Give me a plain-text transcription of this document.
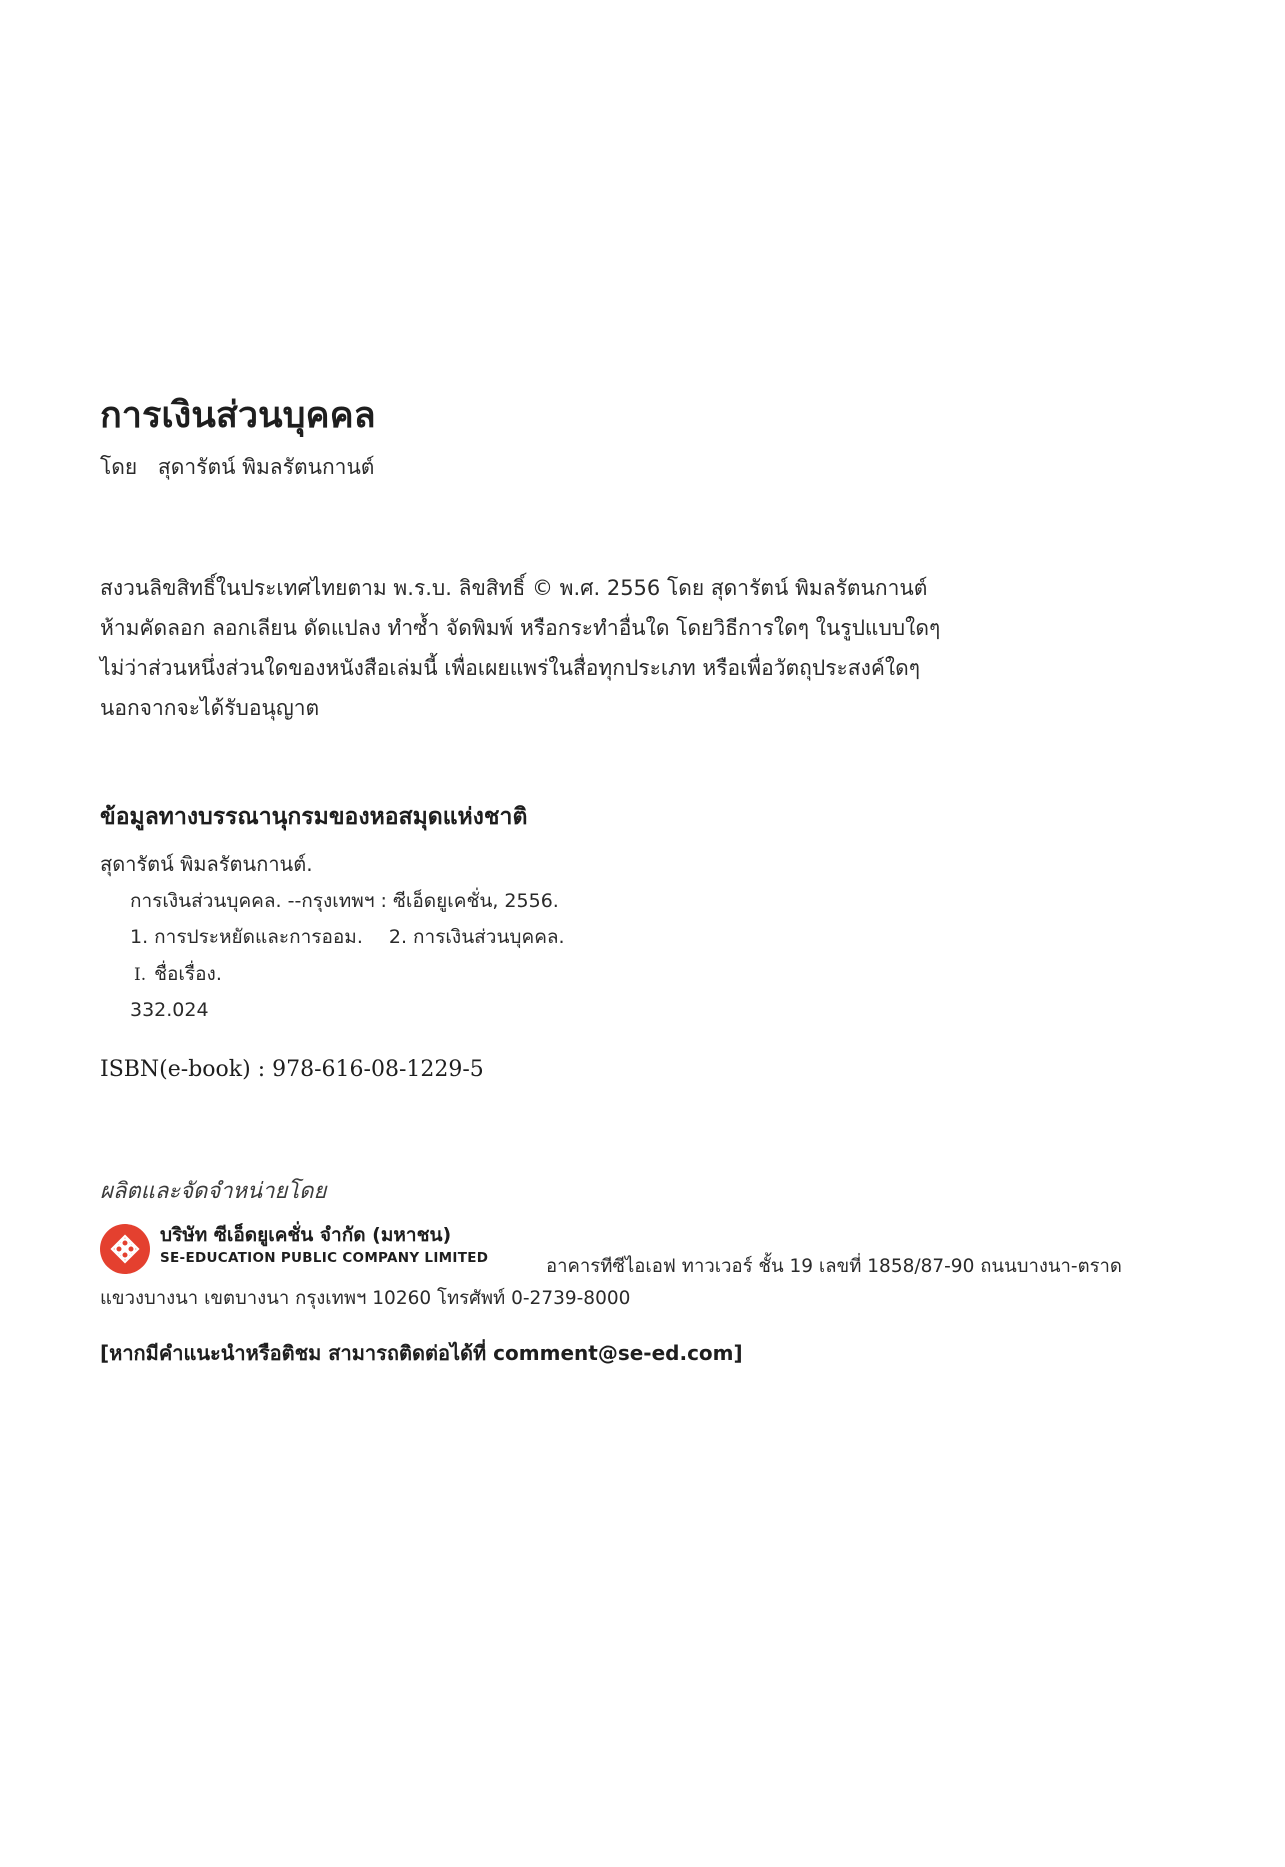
การเงินส่วนบุคคล
โดย สุดารัตน์ พิมลรัตนกานต์
สงวนลิขสิทธิ์ในประเทศไทยตาม พ.ร.บ. ลิขสิทธิ์ © พ.ศ. 2556 โดย สุดารัตน์ พิมลรัตนกานต์
ห้ามคัดลอก ลอกเลียน ดัดแปลง ทำซ้ำ จัดพิมพ์ หรือกระทำอื่นใด โดยวิธีการใดๆ ในรูปแบบใดๆ
ไม่ว่าส่วนหนึ่งส่วนใดของหนังสือเล่มนี้ เพื่อเผยแพร่ในสื่อทุกประเภท หรือเพื่อวัตถุประสงค์ใดๆ
นอกจากจะได้รับอนุญาต
ข้อมูลทางบรรณานุกรมของหอสมุดแห่งชาติ
สุดารัตน์ พิมลรัตนกานต์.
การเงินส่วนบุคคล. --กรุงเทพฯ : ซีเอ็ดยูเคชั่น, 2556.
1. การประหยัดและการออม. 2. การเงินส่วนบุคคล.
I. ชื่อเรื่อง.
332.024
ISBN(e-book) : 978-616-08-1229-5
ผลิตและจัดจำหน่ายโดย
บริษัท ซีเอ็ดยูเคชั่น จำกัด (มหาชน)
SE-EDUCATION PUBLIC COMPANY LIMITED	อาคารทีซีไอเอฟ ทาวเวอร์ ชั้น 19 เลขที่ 1858/87-90 ถนนบางนา-ตราด
แขวงบางนา เขตบางนา กรุงเทพฯ 10260 โทรศัพท์ 0-2739-8000
[หากมีคำแนะนำหรือติชม สามารถติดต่อได้ที่ comment@se-ed.com]
